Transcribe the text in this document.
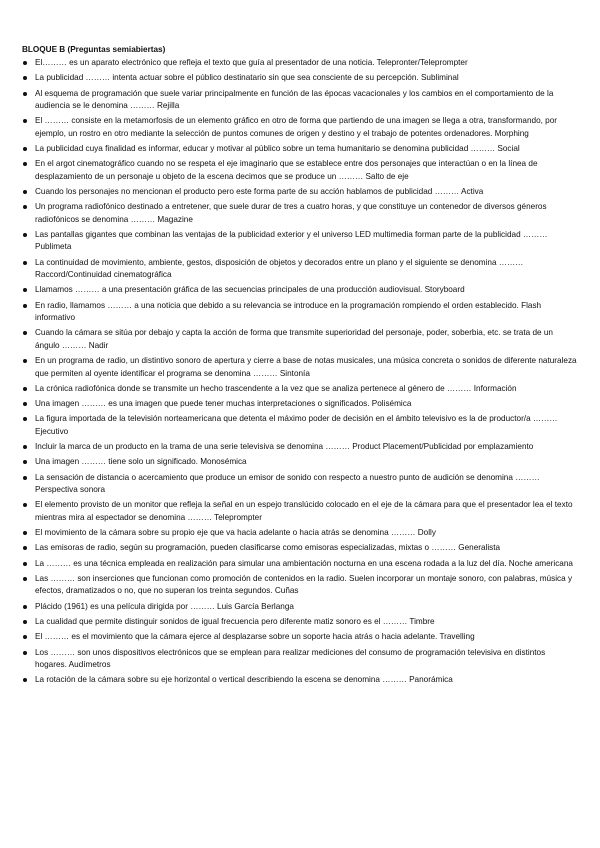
BLOQUE B (Preguntas semiabiertas)
El……… es un aparato electrónico que refleja el texto que guía al presentador de una noticia. Telepronter/Teleprompter
La publicidad ……… intenta actuar sobre el público destinatario sin que sea consciente de su percepción. Subliminal
Al esquema de programación que suele variar principalmente en función de las épocas vacacionales y los cambios en el comportamiento de la audiencia se le denomina ……… Rejilla
El ……… consiste en la metamorfosis de un elemento gráfico en otro de forma que partiendo de una imagen se llega a otra, transformando, por ejemplo, un rostro en otro mediante la selección de puntos comunes de origen y destino y el trabajo de potentes ordenadores. Morphing
La publicidad cuya finalidad es informar, educar y motivar al público sobre un tema humanitario se denomina publicidad ……… Social
En el argot cinematográfico cuando no se respeta el eje imaginario que se establece entre dos personajes que interactúan o en la línea de desplazamiento de un personaje u objeto de la escena decimos que se produce un ……… Salto de eje
Cuando los personajes no mencionan el producto pero este forma parte de su acción hablamos de publicidad ……… Activa
Un programa radiofónico destinado a entretener, que suele durar de tres a cuatro horas, y que constituye un contenedor de diversos géneros radiofónicos se denomina ……… Magazine
Las pantallas gigantes que combinan las ventajas de la publicidad exterior y el universo LED multimedia forman parte de la publicidad ……… Publimeta
La continuidad de movimiento, ambiente, gestos, disposición de objetos y decorados entre un plano y el siguiente se denomina ……… Raccord/Continuidad cinematográfica
Llamamos ……… a una presentación gráfica de las secuencias principales de una producción audiovisual. Storyboard
En radio, llamamos ……… a una noticia que debido a su relevancia se introduce en la programación rompiendo el orden establecido. Flash informativo
Cuando la cámara se sitúa por debajo y capta la acción de forma que transmite superioridad del personaje, poder, soberbia, etc. se trata de un ángulo ……… Nadir
En un programa de radio, un distintivo sonoro de apertura y cierre a base de notas musicales, una música concreta o sonidos de diferente naturaleza que permiten al oyente identificar el programa se denomina ……… Sintonía
La crónica radiofónica donde se transmite un hecho trascendente a la vez que se analiza pertenece al género de ……… Información
Una imagen ……… es una imagen que puede tener muchas interpretaciones o significados. Polisémica
La figura importada de la televisión norteamericana que detenta el máximo poder de decisión en el ámbito televisivo es la de productor/a ……… Ejecutivo
Incluir la marca de un producto en la trama de una serie televisiva se denomina ……… Product Placement/Publicidad por emplazamiento
Una imagen ……… tiene solo un significado. Monosémica
La sensación de distancia o acercamiento que produce un emisor de sonido con respecto a nuestro punto de audición se denomina ……… Perspectiva sonora
El elemento provisto de un monitor que refleja la señal en un espejo translúcido colocado en el eje de la cámara para que el presentador lea el texto mientras mira al espectador se denomina ……… Teleprompter
El movimiento de la cámara sobre su propio eje que va hacia adelante o hacia atrás se denomina ……… Dolly
Las emisoras de radio, según su programación, pueden clasificarse como emisoras especializadas, mixtas o ……… Generalista
La ……… es una técnica empleada en realización para simular una ambientación nocturna en una escena rodada a la luz del día. Noche americana
Las ……… son inserciones que funcionan como promoción de contenidos en la radio. Suelen incorporar un montaje sonoro, con palabras, música y efectos, dramatizados o no, que no superan los treinta segundos. Cuñas
Plácido (1961) es una película dirigida por ……… Luis García Berlanga
La cualidad que permite distinguir sonidos de igual frecuencia pero diferente matiz sonoro es el ……… Timbre
El ……… es el movimiento que la cámara ejerce al desplazarse sobre un soporte hacia atrás o hacia adelante. Travelling
Los ……… son unos dispositivos electrónicos que se emplean para realizar mediciones del consumo de programación televisiva en distintos hogares. Audímetros
La rotación de la cámara sobre su eje horizontal o vertical describiendo la escena se denomina ……… Panorámica
